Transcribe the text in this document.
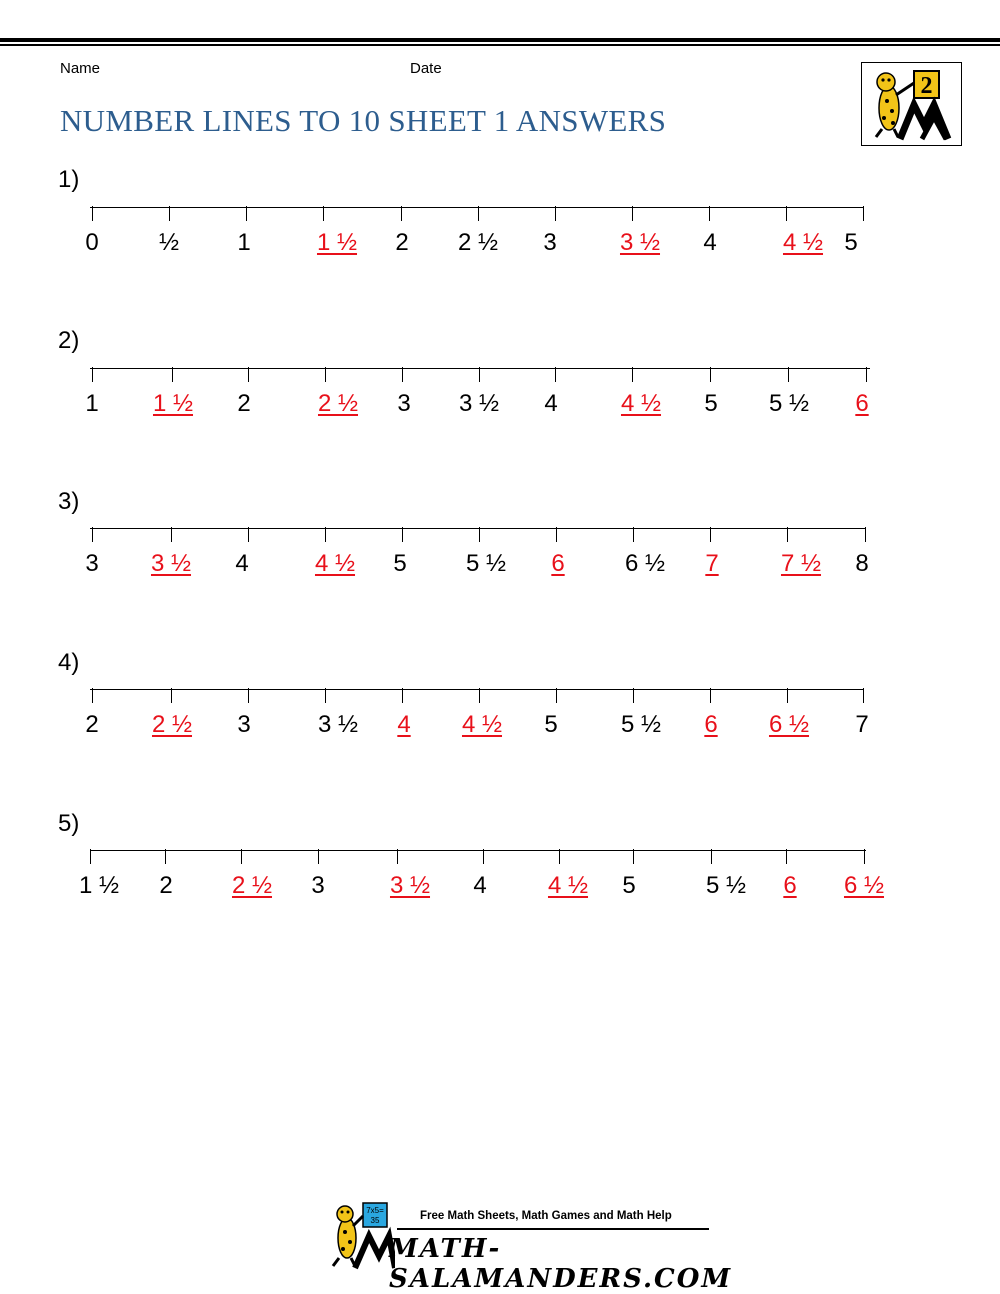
Name	Date
NUMBER LINES TO 10 SHEET 1 ANSWERS
2
1)
0	½ 1	1 ½ 2 2 ½ 3	3 ½ 4	4 ½ 5
2)
1 1 ½ 2	2 ½ 3 3 ½ 4	4 ½ 5 5 ½ 6
3)
3 3 ½ 4	4 ½ 5 5 ½ 6	6 ½ 7	7 ½ 8
4)
2 2 ½ 3	3 ½ 4 4 ½ 5	5 ½ 6 6 ½ 7
5)
1 ½ 2 2 ½ 3	3 ½ 4	4 ½ 5	5 ½ 6 6 ½
7x5=
35	Free Math Sheets, Math Games and Math Help
MATH-SALAMANDERS.COM
